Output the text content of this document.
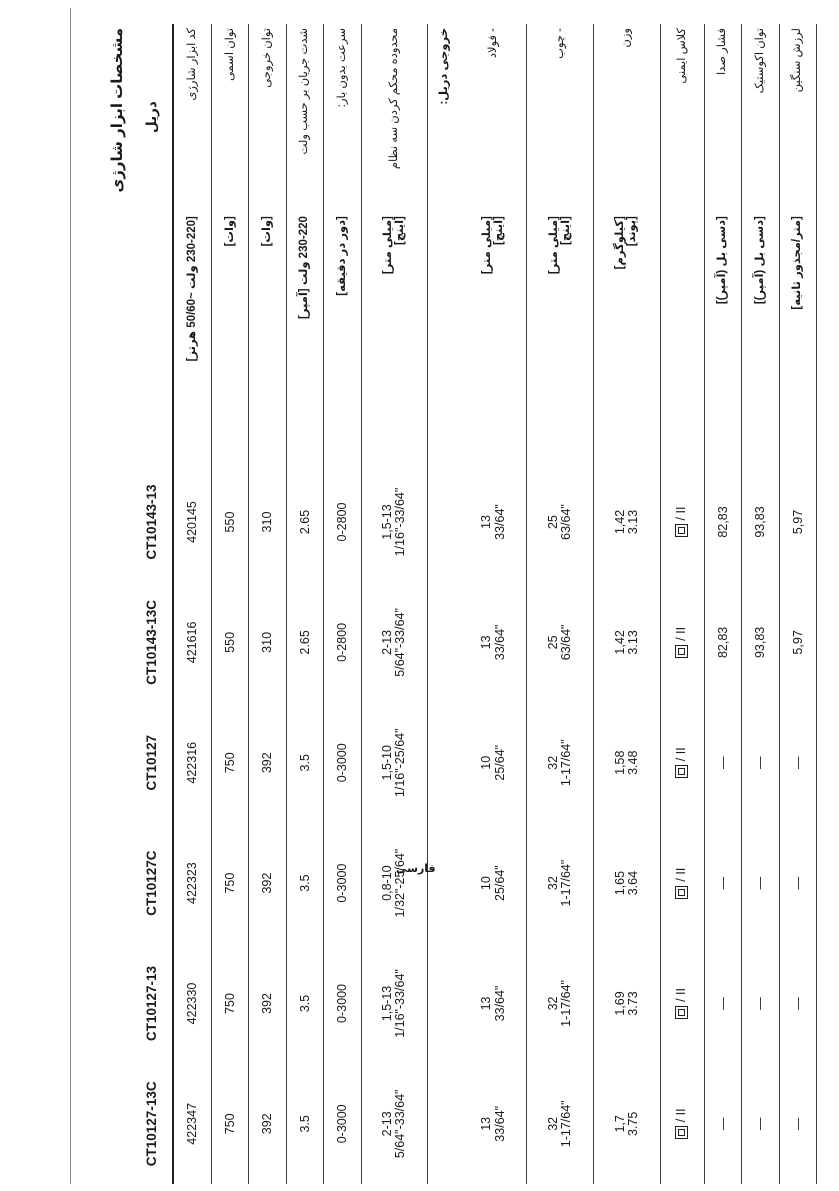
						مشخصات ابزار شارژی	
CT10127-13C	CT10127-13	CT10127C	CT10127	CT10143-13C	CT10143-13		دریل
422347	422330	422323	422316	421616	420145	[230-220 ولت ~50/60 هرتز]	کد ابزار شارژی
750	750	750	750	550	550	[وات]	توان اسمی
392	392	392	392	310	310	[وات]	توان خروجی
3.5	3.5	3.5	3.5	2.65	2.65	230-220 ولت [آمپر]	شدت جریان بر حسب ولت
0-3000	0-3000	0-3000	0-3000	0-2800	0-2800	[دور در دقیقه]	سرعت بدون بار:

2-13 5/64"-33/64"	1,5-13 1/16"-33/64"	0,8-10 1/32"-25/64"	1,5-10 1/16"-25/64"	2-13 5/64"-33/64"	1,5-13 1/16"-33/64"	[میلی متر] [اینچ]	محدوده محکم کردن سه نظام
							خروجی دریل:

13 33/64"	13 33/64"	10 25/64"	10 25/64"	13 33/64"	13 33/64"	[میلی متر] [اینچ]	- فولاد

32 1-17/64"	32 1-17/64"	32 1-17/64"	32 1-17/64"	25 63/64"	25 63/64"	[میلی متر] [اینچ]	- چوب

1,7 3.75	1,69 3.73	1,65 3.64	1,58 3.48	1,42 3.13	1,42 3.13	[کیلوگرم] [پوند]	وزن

/ II	/ II	/ II	/ II	/ II	/ II		کلاس ایمنی
—	—	—	—	82,83	82,83	[دسی بل (آمپر)]	فشار صدا
—	—	—	—	93,83	93,83	[دسی بل (آمپر)]	توان اکوستیک
—	—	—	—	5,97	5,97	[متر/مجذور ثانیه]	لرزش سنگین
فارسی
